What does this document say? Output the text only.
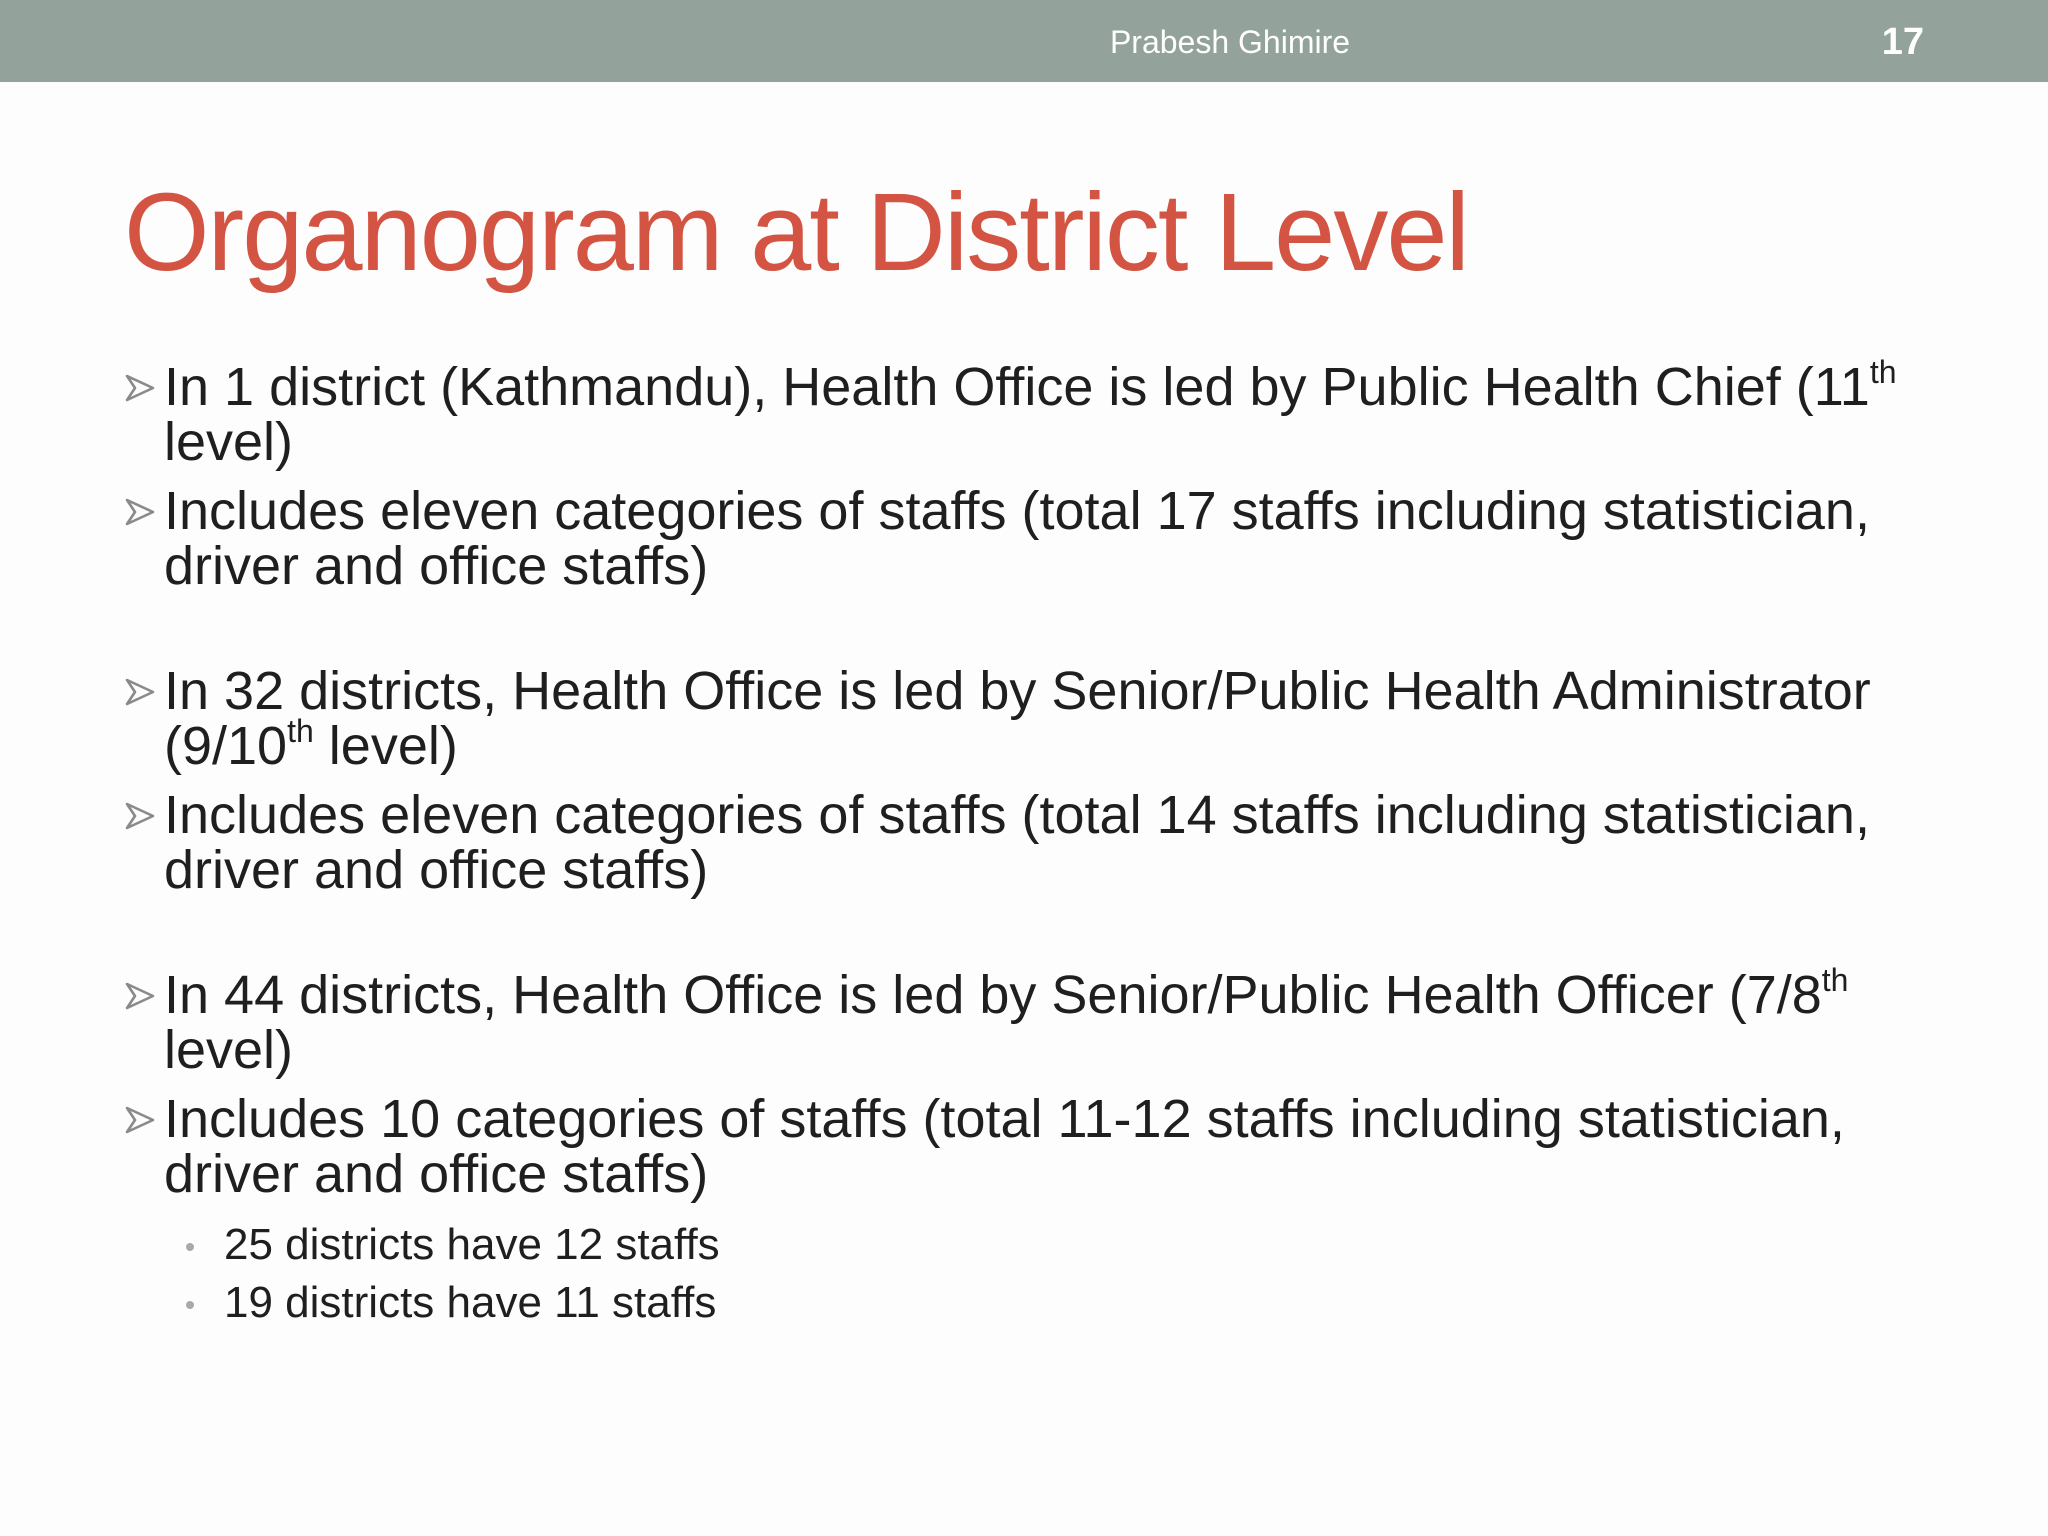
Prabesh Ghimire	17
Organogram at District Level
In 1 district (Kathmandu), Health Office is led by Public Health Chief (11th level)
Includes eleven categories of staffs (total 17 staffs including statistician, driver and office staffs)
In 32 districts, Health Office is led by Senior/Public Health Administrator (9/10th level)
Includes eleven categories of staffs (total 14 staffs including statistician, driver and office staffs)
In 44 districts, Health Office is led by Senior/Public Health Officer (7/8th level)
Includes 10 categories of staffs (total 11-12 staffs including statistician, driver and office staffs)
25 districts have 12 staffs
19 districts have 11 staffs
